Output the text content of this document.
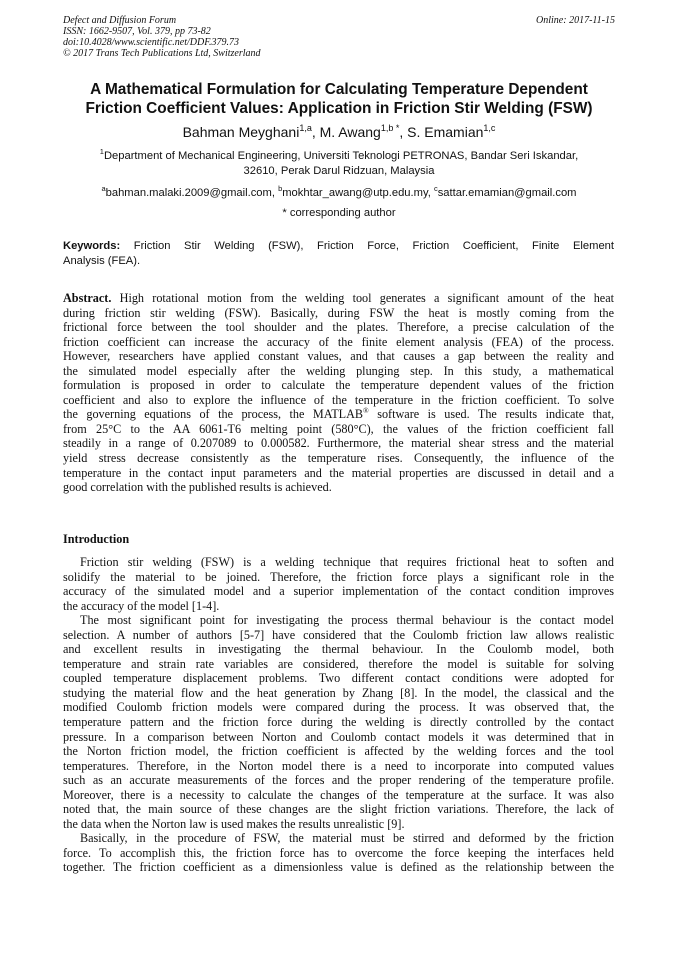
Defect and Diffusion Forum
ISSN: 1662-9507, Vol. 379, pp 73-82
doi:10.4028/www.scientific.net/DDF.379.73
© 2017 Trans Tech Publications Ltd, Switzerland
Online: 2017-11-15
A Mathematical Formulation for Calculating Temperature Dependent
Friction Coefficient Values: Application in Friction Stir Welding (FSW)
Bahman Meyghani$^{1,a}$, M. Awang$^{1,b *}$, S. Emamian$^{1,c}$
$^1$Department of Mechanical Engineering, Universiti Teknologi PETRONAS, Bandar Seri Iskandar,
32610, Perak Darul Ridzuan, Malaysia
$^a$bahman.malaki.2009@gmail.com, $^b$mokhtar_awang@utp.edu.my, $^c$sattar.emamian@gmail.com
* corresponding author
Keywords: Friction Stir Welding (FSW), Friction Force, Friction Coefficient, Finite Element
Analysis (FEA).
Abstract. High rotational motion from the welding tool generates a significant amount of the heat
during friction stir welding (FSW). Basically, during FSW the heat is mostly coming from the
frictional force between the tool shoulder and the plates. Therefore, a precise calculation of the
friction coefficient can increase the accuracy of the finite element analysis (FEA) of the process.
However, researchers have applied constant values, and that causes a gap between the reality and
the simulated model especially after the welding plunging step. In this study, a mathematical
formulation is proposed in order to calculate the temperature dependent values of the friction
coefficient and also to explore the influence of the temperature in the friction coefficient. To solve
the governing equations of the process, the MATLAB® software is used. The results indicate that,
from 25°C to the AA 6061-T6 melting point (580°C), the values of the friction coefficient fall
steadily in a range of 0.207089 to 0.000582. Furthermore, the material shear stress and the material
yield stress decrease consistently as the temperature rises. Consequently, the influence of the
temperature in the contact input parameters and the material properties are discussed in detail and a
good correlation with the published results is achieved.
Introduction
Friction stir welding (FSW) is a welding technique that requires frictional heat to soften and
solidify the material to be joined. Therefore, the friction force plays a significant role in the
accuracy of the simulated model and a superior implementation of the contact condition improves
the accuracy of the model [1-4].
The most significant point for investigating the process thermal behaviour is the contact model
selection. A number of authors [5-7] have considered that the Coulomb friction law allows realistic
and excellent results in investigating the thermal behaviour. In the Coulomb model, both
temperature and strain rate variables are considered, therefore the model is suitable for solving
coupled temperature displacement problems. Two different contact conditions were adopted for
studying the material flow and the heat generation by Zhang [8]. In the model, the classical and the
modified Coulomb friction models were compared during the process. It was observed that, the
temperature pattern and the friction force during the welding is directly controlled by the contact
pressure. In a comparison between Norton and Coulomb contact models it was determined that in
the Norton friction model, the friction coefficient is affected by the welding forces and the tool
temperatures. Therefore, in the Norton model there is a need to incorporate into computed values
such as an accurate measurements of the forces and the proper rendering of the temperature profile.
Moreover, there is a necessity to calculate the changes of the temperature at the surface. It was also
noted that, the main source of these changes are the slight friction variations. Therefore, the lack of
the data when the Norton law is used makes the results unrealistic [9].
Basically, in the procedure of FSW, the material must be stirred and deformed by the friction
force. To accomplish this, the friction force has to overcome the force keeping the interfaces held
together. The friction coefficient as a dimensionless value is defined as the relationship between the
